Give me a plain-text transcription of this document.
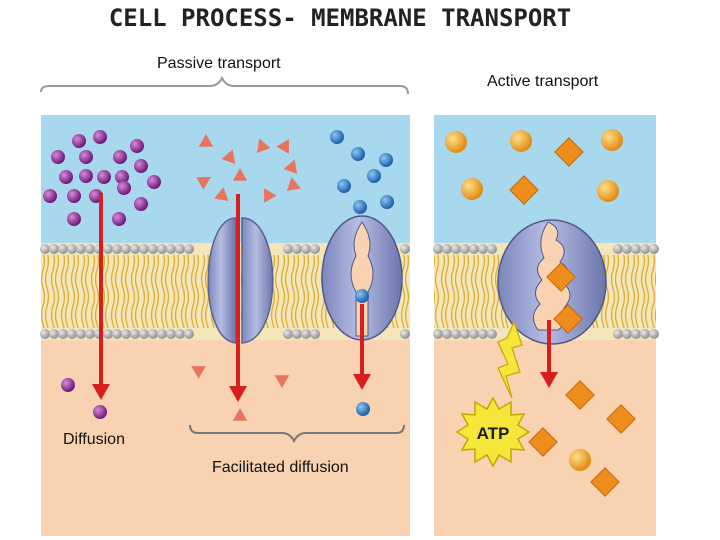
CELL PROCESS- MEMBRANE TRANSPORT
ATP
Passive transport
Active transport
Diffusion
Facilitated diffusion
